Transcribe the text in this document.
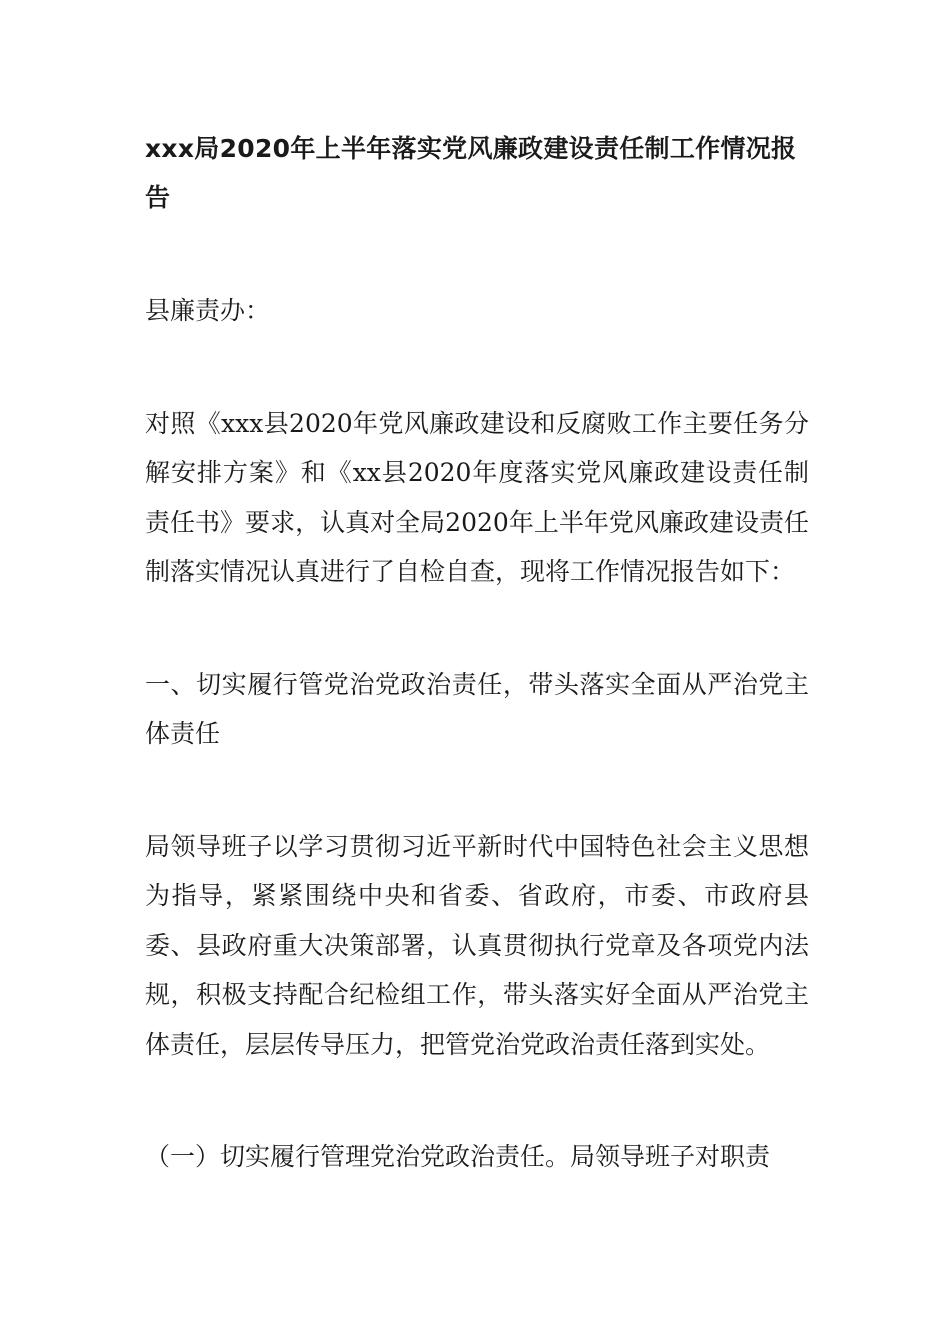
xxx局2020年上半年落实党风廉政建设责任制工作情况报告

县廉责办：

对照《xxx县2020年党风廉政建设和反腐败工作主要任务分解安排方案》和《xx县2020年度落实党风廉政建设责任制责任书》要求，认真对全局2020年上半年党风廉政建设责任制落实情况认真进行了自检自查，现将工作情况报告如下：

一、切实履行管党治党政治责任，带头落实全面从严治党主体责任

局领导班子以学习贯彻习近平新时代中国特色社会主义思想为指导，紧紧围绕中央和省委、省政府，市委、市政府县委、县政府重大决策部署，认真贯彻执行党章及各项党内法规，积极支持配合纪检组工作，带头落实好全面从严治党主体责任，层层传导压力，把管党治党政治责任落到实处。

（一）切实履行管理党治党政治责任。局领导班子对职责
